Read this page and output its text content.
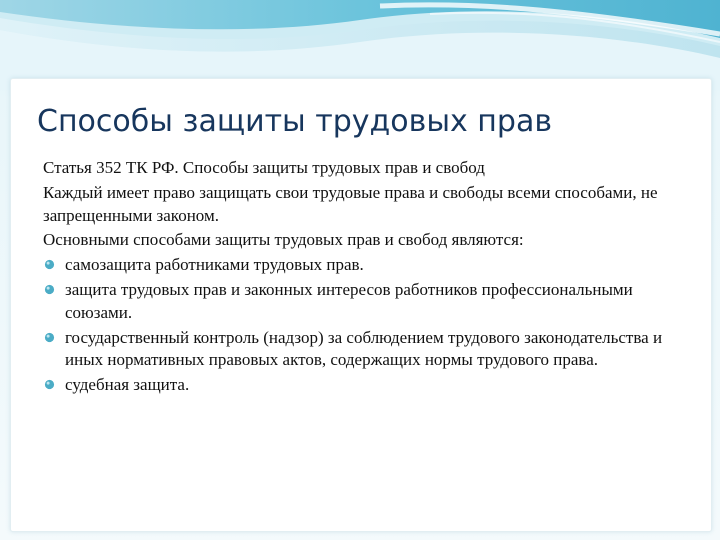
Способы защиты трудовых прав

Статья 352 ТК РФ. Способы защиты трудовых прав и свобод

Каждый имеет право защищать свои трудовые права и свободы всеми способами, не запрещенными законом.

Основными способами защиты трудовых прав и свобод являются:

самозащита работниками трудовых прав.
защита трудовых прав и законных интересов работников профессиональными союзами.
государственный контроль (надзор) за соблюдением трудового законодательства и иных нормативных правовых актов, содержащих нормы трудового права.
судебная защита.
